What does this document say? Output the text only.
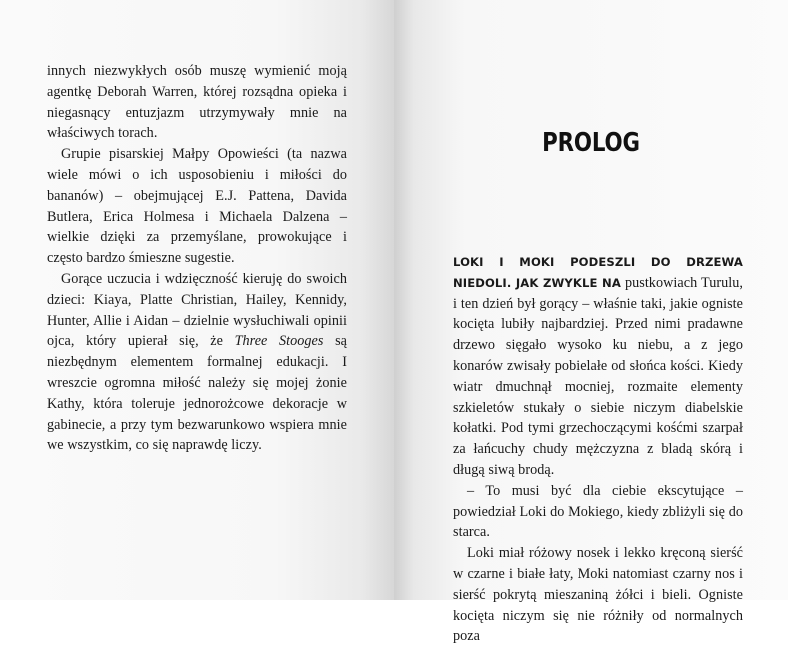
PROLOG

innych niezwykłych osób muszę wymienić moją agentkę Deborah Warren, której rozsądna opieka i niegasnący entuzjazm utrzymywały mnie na właściwych torach.

Grupie pisarskiej Małpy Opowieści (ta nazwa wiele mówi o ich usposobieniu i miłości do bananów) – obejmującej E.J. Pattena, Davida Butlera, Erica Holmesa i Michaela Dalzena – wielkie dzięki za przemyślane, prowokujące i często bardzo śmieszne sugestie.

Gorące uczucia i wdzięczność kieruję do swoich dzieci: Kiaya, Platte Christian, Hailey, Kennidy, Hunter, Allie i Aidan – dzielnie wysłuchiwali opinii ojca, który upierał się, że Three Stooges są niezbędnym elementem formalnej edukacji. I wreszcie ogromna miłość należy się mojej żonie Kathy, która toleruje jednorożcowe dekoracje w gabinecie, a przy tym bezwarunkowo wspiera mnie we wszystkim, co się naprawdę liczy.

LOKI I MOKI PODESZLI DO DRZEWA NIEDOLI. JAK ZWYKLE NA pustkowiach Turulu, i ten dzień był gorący – właśnie taki, jakie ogniste kocięta lubiły najbardziej. Przed nimi pradawne drzewo sięgało wysoko ku niebu, a z jego konarów zwisały pobielałe od słońca kości. Kiedy wiatr dmuchnął mocniej, rozmaite elementy szkieletów stukały o siebie niczym diabelskie kołatki. Pod tymi grzechoczącymi kośćmi szarpał za łańcuchy chudy mężczyzna z bladą skórą i długą siwą brodą.

– To musi być dla ciebie ekscytujące – powiedział Loki do Mokiego, kiedy zbliżyli się do starca.

Loki miał różowy nosek i lekko kręconą sierść w czarne i białe łaty, Moki natomiast czarny nos i sierść pokrytą mieszaniną żółci i bieli. Ogniste kocięta niczym się nie różniły od normalnych poza
